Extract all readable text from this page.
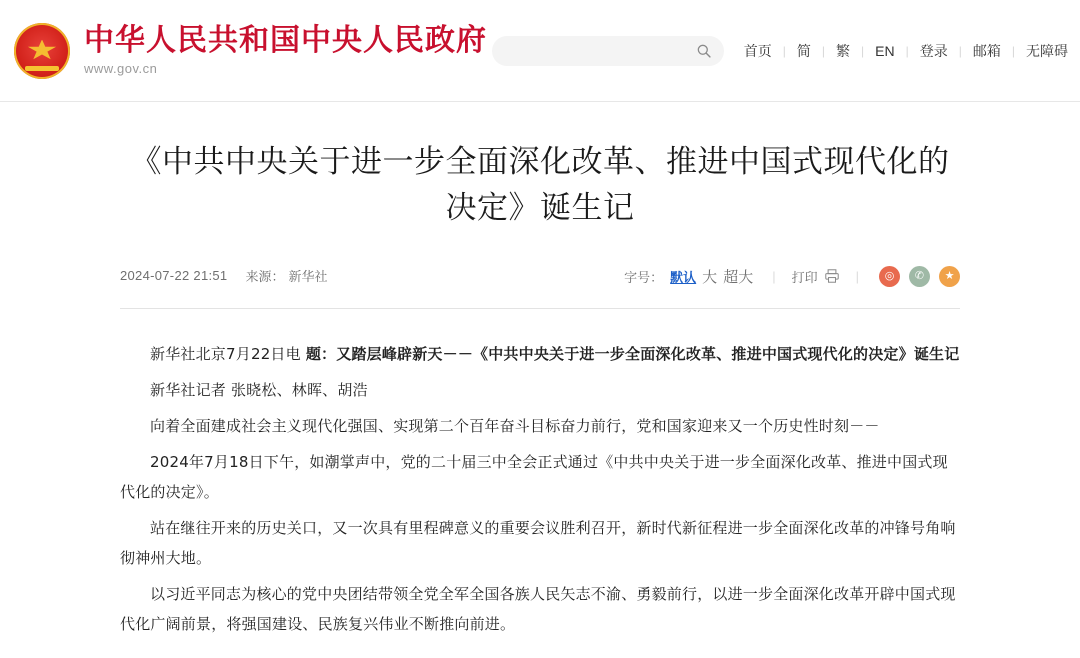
中华人民共和国中央人民政府
www.gov.cn
首页 | 简 | 繁 | EN | 登录 | 邮箱 | 无障碍
《中共中央关于进一步全面深化改革、推进中国式现代化的决定》诞生记
2024-07-22 21:51 来源： 新华社	字号： 默认 大 超大 | 打印	|	◎	✆	★

新华社北京7月22日电 题：又踏层峰辟新天－－《中共中央关于进一步全面深化改革、推进中国式现代化的决定》诞生记

新华社记者 张晓松、林晖、胡浩

向着全面建成社会主义现代化强国、实现第二个百年奋斗目标奋力前行，党和国家迎来又一个历史性时刻－－

2024年7月18日下午，如潮掌声中，党的二十届三中全会正式通过《中共中央关于进一步全面深化改革、推进中国式现代化的决定》。

站在继往开来的历史关口，又一次具有里程碑意义的重要会议胜利召开，新时代新征程进一步全面深化改革的冲锋号角响彻神州大地。

以习近平同志为核心的党中央团结带领全党全军全国各族人民矢志不渝、勇毅前行，以进一步全面深化改革开辟中国式现代化广阔前景，将强国建设、民族复兴伟业不断推向前进。
